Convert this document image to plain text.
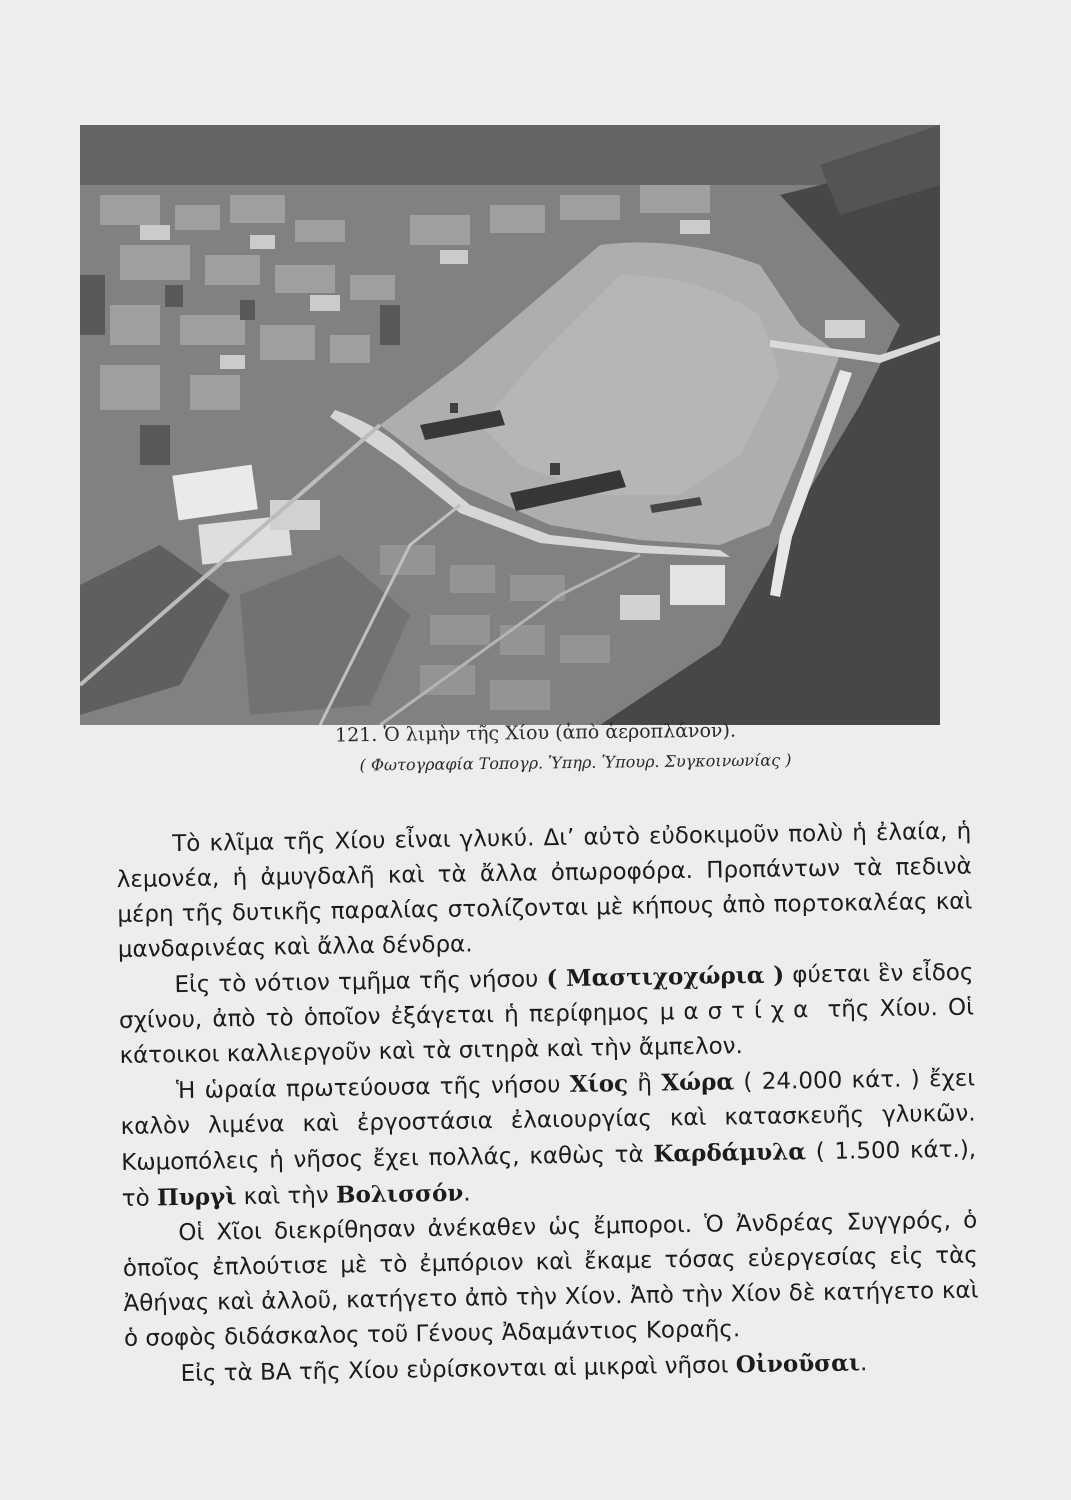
121. Ὁ λιμὴν τῆς Χίου (ἀπὸ ἀεροπλάνον).
( Φωτογραφία Τοπογρ. Ὑπηρ. Ὑπουρ. Συγκοινωνίας )

Τὸ κλῖμα τῆς Χίου εἶναι γλυκύ. Διʼ αὐτὸ εὐδοκιμοῦν πολὺ ἡ ἐλαία, ἡ λεμονέα, ἡ ἀμυγδαλῆ καὶ τὰ ἄλλα ὀπωροφόρα. Προπάντων τὰ πεδινὰ μέρη τῆς δυτικῆς παραλίας στολίζονται μὲ κήπους ἀπὸ πορτοκαλέας καὶ μανδαρινέας καὶ ἄλλα δένδρα.

Εἰς τὸ νότιον τμῆμα τῆς νήσου ( Μαστιχοχώρια ) φύεται ἓν εἶδος σχίνου, ἀπὸ τὸ ὁποῖον ἐξάγεται ἡ περίφημος μαστίχα τῆς Χίου. Οἱ κάτοικοι καλλιεργοῦν καὶ τὰ σιτηρὰ καὶ τὴν ἄμπελον.

Ἡ ὡραία πρωτεύουσα τῆς νήσου Χίος ἢ Χώρα ( 24.000 κάτ. ) ἔχει καλὸν λιμένα καὶ ἐργοστάσια ἐλαιουργίας καὶ κατασκευῆς γλυκῶν. Κωμοπόλεις ἡ νῆσος ἔχει πολλάς, καθὼς τὰ Καρδάμυλα ( 1.500 κάτ.), τὸ Πυργὶ καὶ τὴν Βολισσόν.

Οἱ Χῖοι διεκρίθησαν ἀνέκαθεν ὡς ἔμποροι. Ὁ Ἀνδρέας Συγγρός, ὁ ὁποῖος ἐπλούτισε μὲ τὸ ἐμπόριον καὶ ἔκαμε τόσας εὐεργεσίας εἰς τὰς Ἀθήνας καὶ ἀλλοῦ, κατήγετο ἀπὸ τὴν Χίον. Ἀπὸ τὴν Χίον δὲ κατήγετο καὶ ὁ σοφὸς διδάσκαλος τοῦ Γένους Ἀδαμάντιος Κοραῆς.

Εἰς τὰ ΒΑ τῆς Χίου εὑρίσκονται αἱ μικραὶ νῆσοι Οἰνοῦσαι.
